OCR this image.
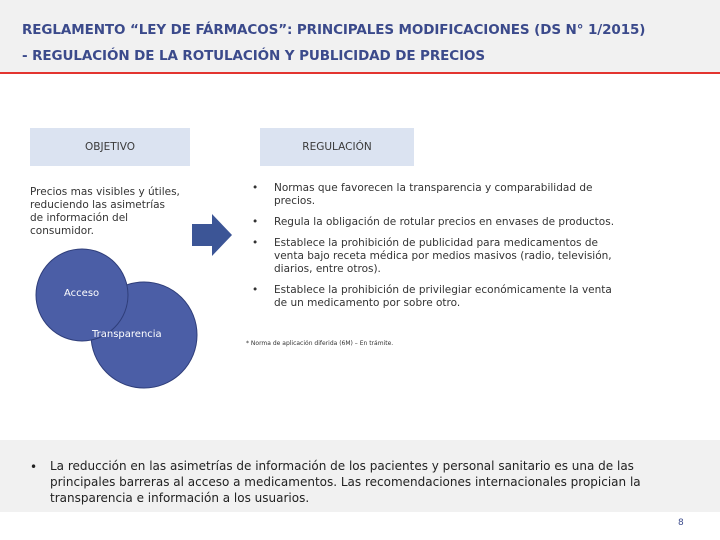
REGLAMENTO “LEY DE FÁRMACOS”: PRINCIPALES MODIFICACIONES (DS N° 1/2015)
- REGULACIÓN DE LA ROTULACIÓN Y PUBLICIDAD DE PRECIOS
OBJETIVO	REGULACIÓN
Precios mas visibles y útiles, reduciendo las asimetrías de información del consumidor.
• Normas que favorecen la transparencia y comparabilidad de precios.
• Regula la obligación de rotular precios en envases de productos.
• Establece la prohibición de publicidad para medicamentos de venta bajo receta médica por medios masivos (radio, televisión, diarios, entre otros).
• Establece la prohibición de privilegiar económicamente la venta de un medicamento por sobre otro.
* Norma de aplicación diferida (6M) – En trámite.
Acceso
Transparencia
• La reducción en las asimetrías de información de los pacientes y personal sanitario es una de las principales barreras al acceso a medicamentos. Las recomendaciones internacionales propician la transparencia e información a los usuarios.
8
